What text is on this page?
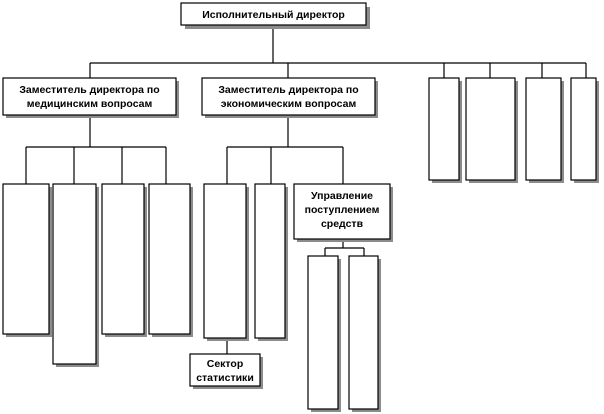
Исполнительный директор
Заместитель директора по
медицинским вопросам
Заместитель директора по
экономическим вопросам
Управление
поступлением
средств
Сектор
статистики
